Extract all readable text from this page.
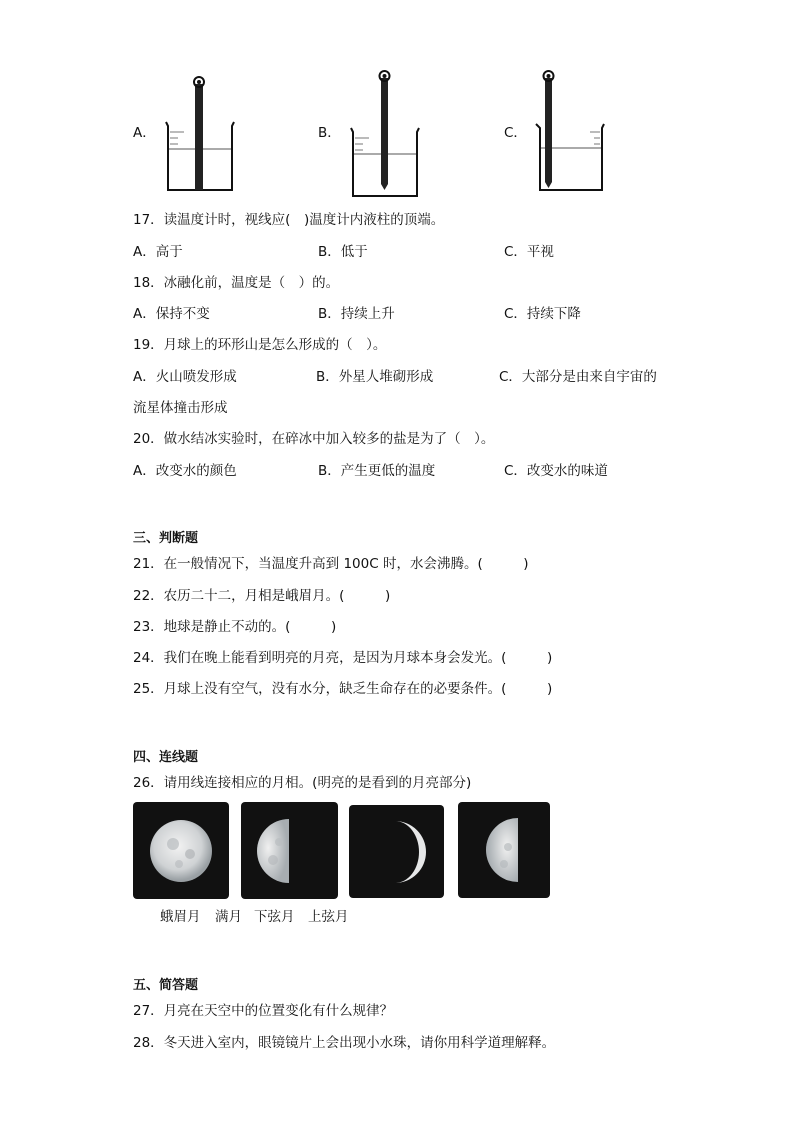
A．	B．	C．
17．读温度计时，视线应(　)温度计内液柱的顶端。
A．高于	B．低于	C．平视
18．冰融化前，温度是（　）的。
A．保持不变	B．持续上升	C．持续下降
19．月球上的环形山是怎么形成的（　）。
A．火山喷发形成	B．外星人堆砌形成	C．大部分是由来自宇宙的
流星体撞击形成
20．做水结冰实验时，在碎冰中加入较多的盐是为了（　）。
A．改变水的颜色	B．产生更低的温度	C．改变水的味道
三、判断题
21．在一般情况下，当温度升高到 100C 时，水会沸腾。(　　　)
22．农历二十二，月相是峨眉月。(　　　)
23．地球是静止不动的。(　　　)
24．我们在晚上能看到明亮的月亮，是因为月球本身会发光。(　　　)
25．月球上没有空气，没有水分，缺乏生命存在的必要条件。(　　　)
四、连线题
26．请用线连接相应的月相。(明亮的是看到的月亮部分)
蛾眉月 满月 下弦月 上弦月
五、简答题
27．月亮在天空中的位置变化有什么规律？
28．冬天进入室内，眼镜镜片上会出现小水珠，请你用科学道理解释。
